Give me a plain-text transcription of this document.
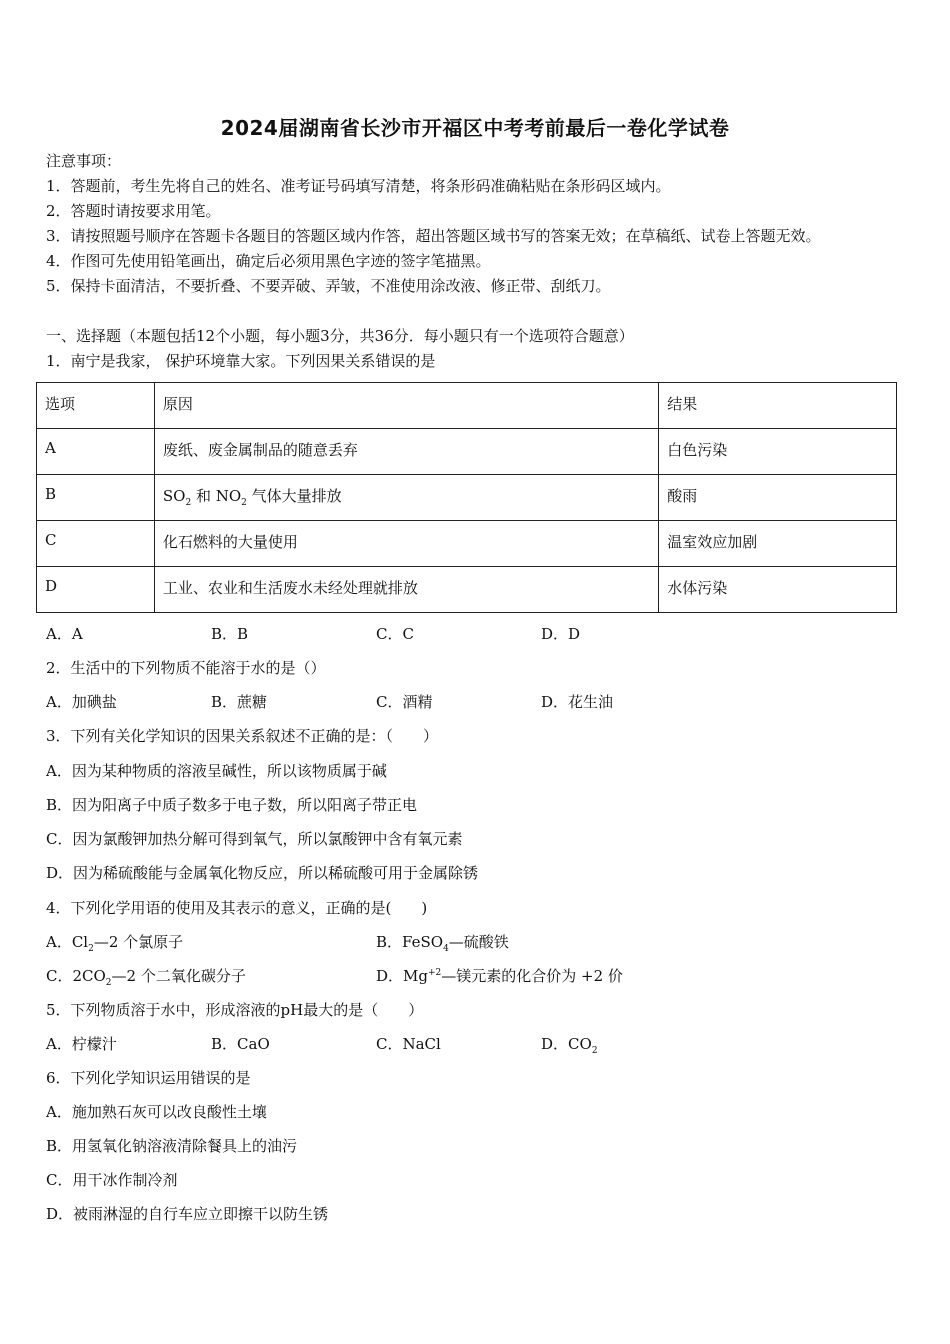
2024届湖南省长沙市开福区中考考前最后一卷化学试卷
注意事项：
1．答题前，考生先将自己的姓名、准考证号码填写清楚，将条形码准确粘贴在条形码区域内。
2．答题时请按要求用笔。
3．请按照题号顺序在答题卡各题目的答题区域内作答，超出答题区域书写的答案无效；在草稿纸、试卷上答题无效。
4．作图可先使用铅笔画出，确定后必须用黑色字迹的签字笔描黑。
5．保持卡面清洁，不要折叠、不要弄破、弄皱，不准使用涂改液、修正带、刮纸刀。
一、选择题（本题包括12个小题，每小题3分，共36分．每小题只有一个选项符合题意）
1．南宁是我家， 保护环境靠大家。下列因果关系错误的是
选项	原因	结果
A	废纸、废金属制品的随意丢弃	白色污染
B	$SO_2$ 和 $NO_2$ 气体大量排放	酸雨
C	化石燃料的大量使用	温室效应加剧
D	工业、农业和生活废水未经处理就排放	水体污染
A．A	B．B	C．C	D．D
2．生活中的下列物质不能溶于水的是（）
A．加碘盐	B．蔗糖	C．酒精	D．花生油
3．下列有关化学知识的因果关系叙述不正确的是：（　　）
A．因为某种物质的溶液呈碱性，所以该物质属于碱
B．因为阳离子中质子数多于电子数，所以阳离子带正电
C．因为氯酸钾加热分解可得到氧气，所以氯酸钾中含有氧元素
D．因为稀硫酸能与金属氧化物反应，所以稀硫酸可用于金属除锈
4．下列化学用语的使用及其表示的意义，正确的是(　　)
A．$Cl_2—2$ 个氯原子	B．FeSO$_4$—硫酸铁
C．$2CO_2—2$ 个二氧化碳分子	D．$Mg^{+2}—$镁元素的化合价为 +2 价
5．下列物质溶于水中，形成溶液的pH最大的是（　　）
A．柠檬汁	B．CaO	C．NaCl	D．$CO_2$
6．下列化学知识运用错误的是
A．施加熟石灰可以改良酸性土壤
B．用氢氧化钠溶液清除餐具上的油污
C．用干冰作制冷剂
D．被雨淋湿的自行车应立即擦干以防生锈
